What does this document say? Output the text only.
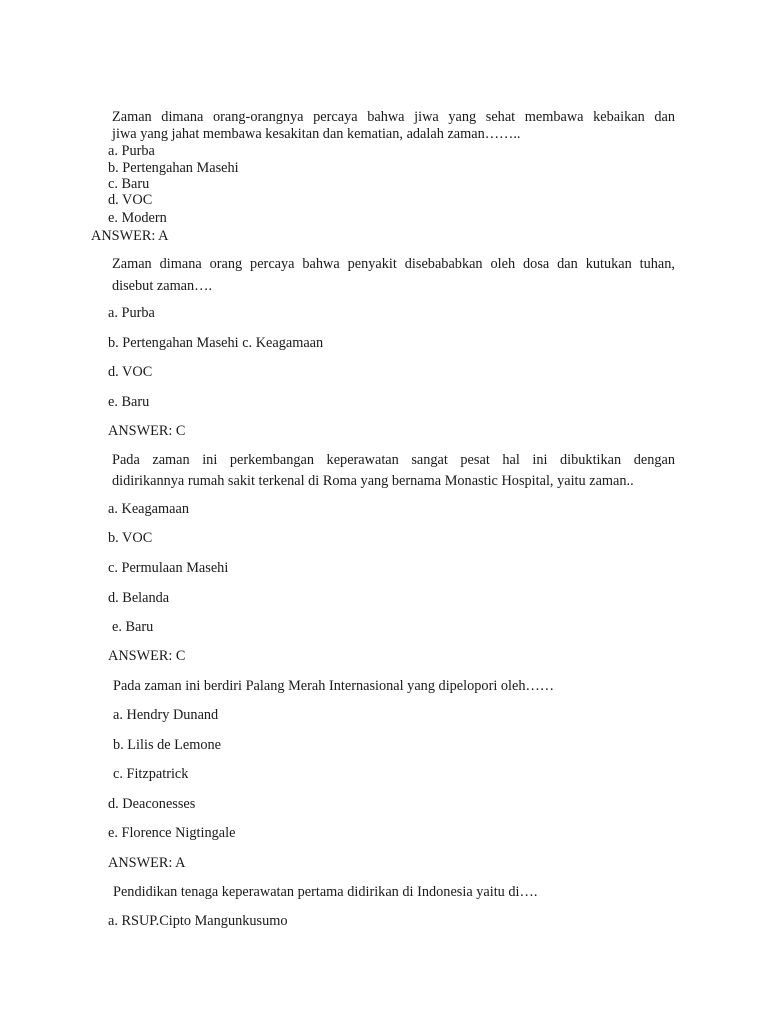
Zaman dimana orang-orangnya percaya bahwa jiwa yang sehat membawa kebaikan dan
jiwa yang jahat membawa kesakitan dan kematian, adalah zaman……..
a. Purba
b. Pertengahan Masehi
c. Baru
d. VOC
e. Modern
ANSWER: A
Zaman dimana orang percaya bahwa penyakit disebababkan oleh dosa dan kutukan tuhan,
disebut zaman….
a. Purba
b. Pertengahan Masehi c. Keagamaan
d. VOC
e. Baru
ANSWER: C
Pada zaman ini perkembangan keperawatan sangat pesat hal ini dibuktikan dengan
didirikannya rumah sakit terkenal di Roma yang bernama Monastic Hospital, yaitu zaman..
a. Keagamaan
b. VOC
c. Permulaan Masehi
d. Belanda
e. Baru
ANSWER: C
Pada zaman ini berdiri Palang Merah Internasional yang dipelopori oleh……
a. Hendry Dunand
b. Lilis de Lemone
c. Fitzpatrick
d. Deaconesses
e. Florence Nigtingale
ANSWER: A
Pendidikan tenaga keperawatan pertama didirikan di Indonesia yaitu di….
a. RSUP.Cipto Mangunkusumo
